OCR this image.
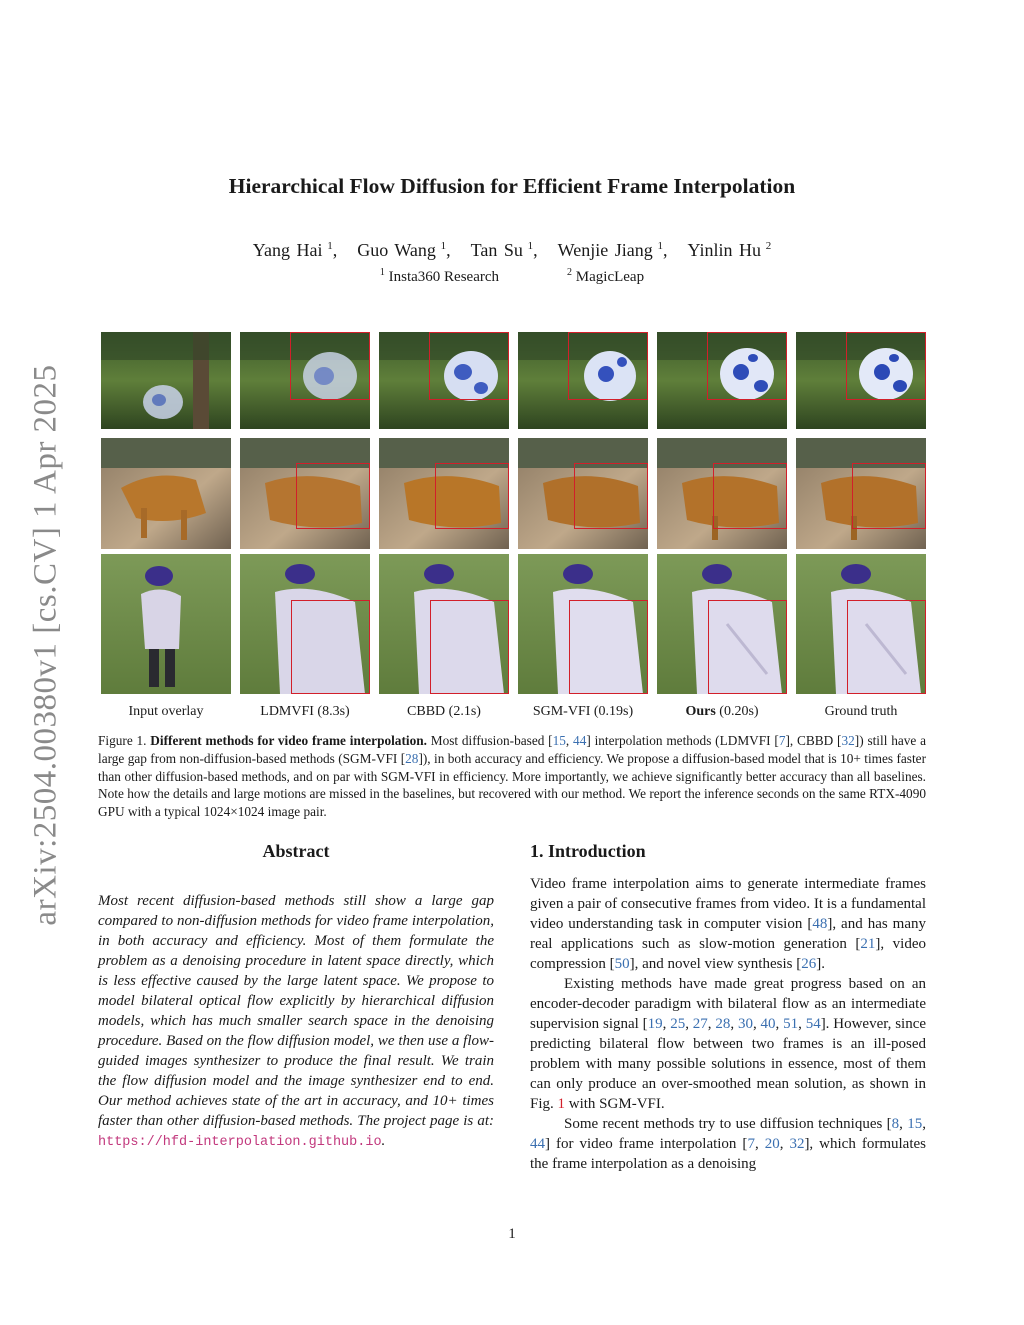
arXiv:2504.00380v1 [cs.CV] 1 Apr 2025
Hierarchical Flow Diffusion for Efficient Frame Interpolation
Yang Hai $^1$, Guo Wang $^1$, Tan Su $^1$, Wenjie Jiang $^1$, Yinlin Hu $^2$
$^1$ Insta360 Research	$^2$ MagicLeap
Input overlay	LDMVFI (8.3s)	CBBD (2.1s)	SGM-VFI (0.19s)	Ours (0.20s)	Ground truth
Figure 1. Different methods for video frame interpolation. Most diffusion-based [15, 44] interpolation methods (LDMVFI [7], CBBD [32]) still have a large gap from non-diffusion-based methods (SGM-VFI [28]), in both accuracy and efficiency. We propose a diffusion-based model that is 10+ times faster than other diffusion-based methods, and on par with SGM-VFI in efficiency. More importantly, we achieve significantly better accuracy than all baselines. Note how the details and large motions are missed in the baselines, but recovered with our method. We report the inference seconds on the same RTX-4090 GPU with a typical 1024×1024 image pair.
Abstract
Most recent diffusion-based methods still show a large gap compared to non-diffusion methods for video frame interpolation, in both accuracy and efficiency. Most of them formulate the problem as a denoising procedure in latent space directly, which is less effective caused by the large latent space. We propose to model bilateral optical flow explicitly by hierarchical diffusion models, which has much smaller search space in the denoising procedure. Based on the flow diffusion model, we then use a flow-guided images synthesizer to produce the final result. We train the flow diffusion model and the image synthesizer end to end. Our method achieves state of the art in accuracy, and 10+ times faster than other diffusion-based methods. The project page is at: https://hfd-interpolation.github.io.
1. Introduction

Video frame interpolation aims to generate intermediate frames given a pair of consecutive frames from video. It is a fundamental video understanding task in computer vision [48], and has many real applications such as slow-motion generation [21], video compression [50], and novel view synthesis [26].

Existing methods have made great progress based on an encoder-decoder paradigm with bilateral flow as an intermediate supervision signal [19, 25, 27, 28, 30, 40, 51, 54]. However, since predicting bilateral flow between two frames is an ill-posed problem with many possible solutions in essence, most of them can only produce an over-smoothed mean solution, as shown in Fig. 1 with SGM-VFI.

Some recent methods try to use diffusion techniques [8, 15, 44] for video frame interpolation [7, 20, 32], which formulates the frame interpolation as a denoising

1
